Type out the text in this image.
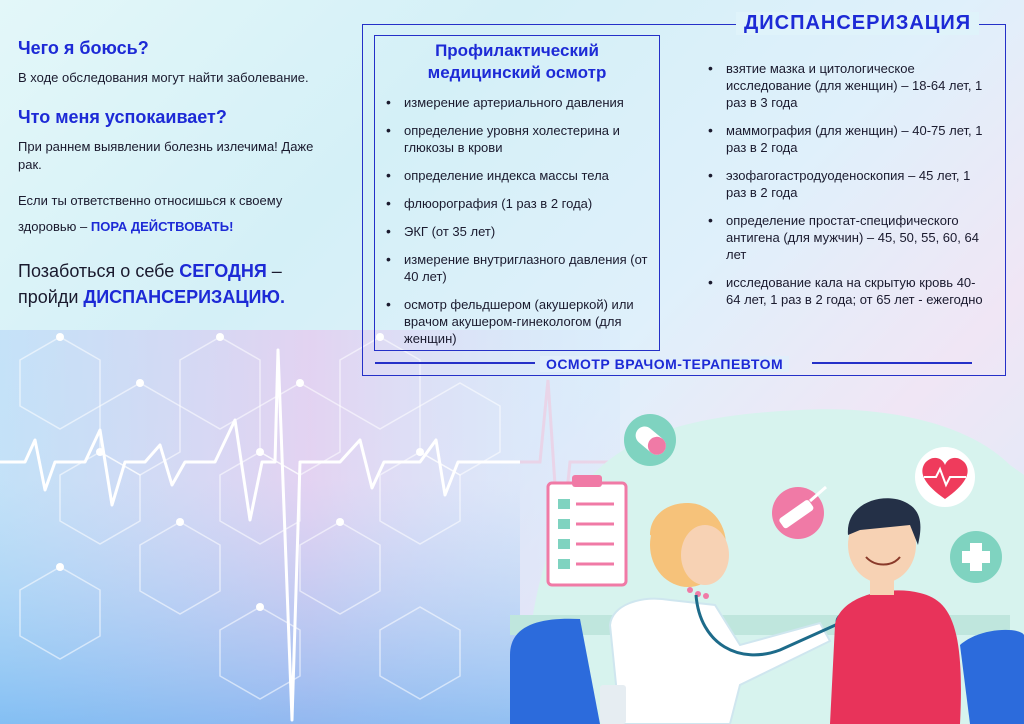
Чего я боюсь?
В ходе обследования могут найти заболевание.
Что меня успокаивает?
При раннем выявлении болезнь излечима! Даже рак.
Если ты ответственно относишься к своему здоровью – ПОРА ДЕЙСТВОВАТЬ!
Позаботься о себе СЕГОДНЯ –
пройди ДИСПАНСЕРИЗАЦИЮ.
ДИСПАНСЕРИЗАЦИЯ
Профилактический
медицинский осмотр
• измерение артериального давления
• определение уровня холестерина и глюкозы в крови
• определение индекса массы тела
• флюорография (1 раз в 2 года)
• ЭКГ (от 35 лет)
• измерение внутриглазного давления (от 40 лет)
• осмотр фельдшером (акушеркой) или врачом акушером-гинекологом (для женщин)
• взятие мазка и цитологическое исследование (для женщин) – 18-64 лет, 1 раз в 3 года
• маммография (для женщин) – 40-75 лет, 1 раз в 2 года
• эзофагогастродуоденоскопия – 45 лет, 1 раз в 2 года
• определение простат-специфического антигена (для мужчин) – 45, 50, 55, 60, 64 лет
• исследование кала на скрытую кровь 40-64 лет, 1 раз в 2 года; от 65 лет - ежегодно
ОСМОТР ВРАЧОМ-ТЕРАПЕВТОМ
